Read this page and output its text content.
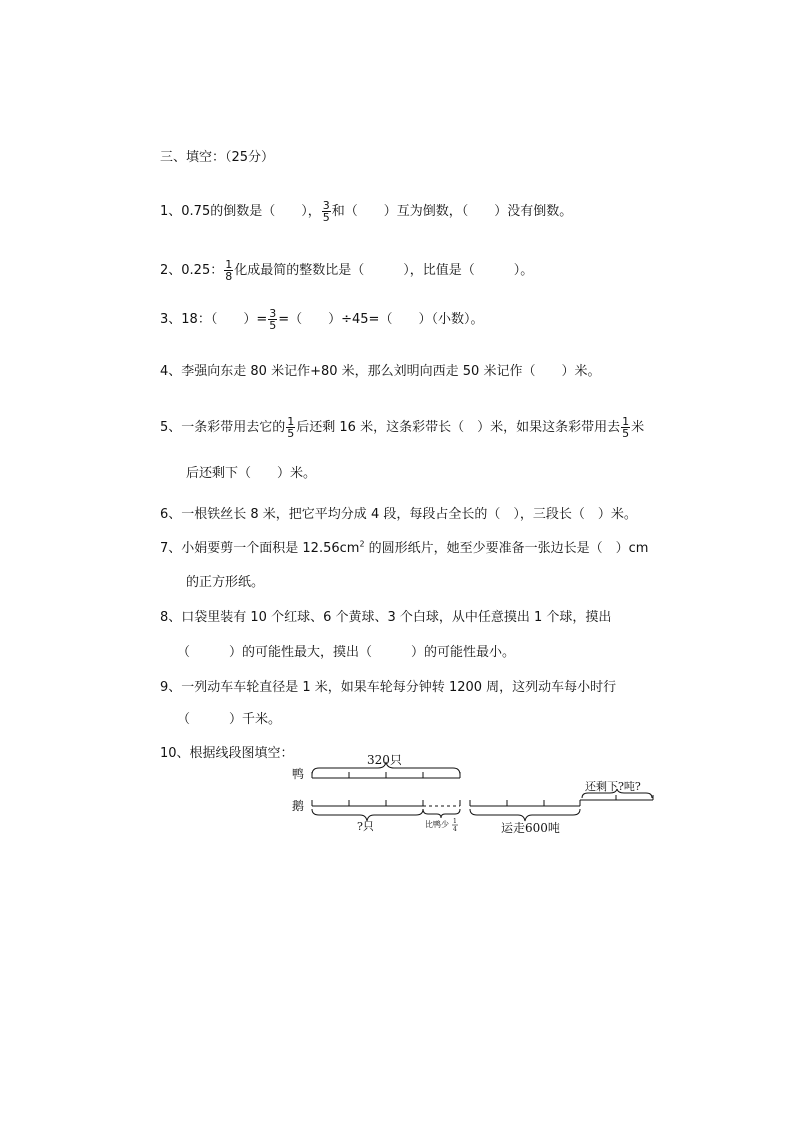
三、填空：（25分）
1、0.75的倒数是（　　）， $\frac{3}{5}$ 和（　　）互为倒数，（　　）没有倒数。
2、0.25： $\frac{1}{8}$ 化成最简的整数比是（　　　），比值是（　　　）。
3、18：（　　）= $\frac{3}{5}$ =（　　）÷45=（　　）（小数）。
4、李强向东走 80 米记作+80 米，那么刘明向西走 50 米记作（　　）米。
5、一条彩带用去它的 $\frac{1}{5}$ 后还剩 16 米，这条彩带长（　）米，如果这条彩带用去 $\frac{1}{5}$ 米
后还剩下（　　）米。
6、一根铁丝长 8 米，把它平均分成 4 段，每段占全长的（　），三段长（　）米。
7、小娟要剪一个面积是 $12.56cm^2$ 的圆形纸片，她至少要准备一张边长是（　）cm
的正方形纸。
8、口袋里装有 10 个红球、6 个黄球、3 个白球，从中任意摸出 1 个球，摸出
（　　　）的可能性最大，摸出（　　　）的可能性最小。
9、一列动车车轮直径是 1 米，如果车轮每分钟转 1200 周，这列动车每小时行
（　　　）千米。
10、根据线段图填空：
鸭
鹅
320只
?只	比鸭少 1
4	运走600吨
还剩下?吨?
